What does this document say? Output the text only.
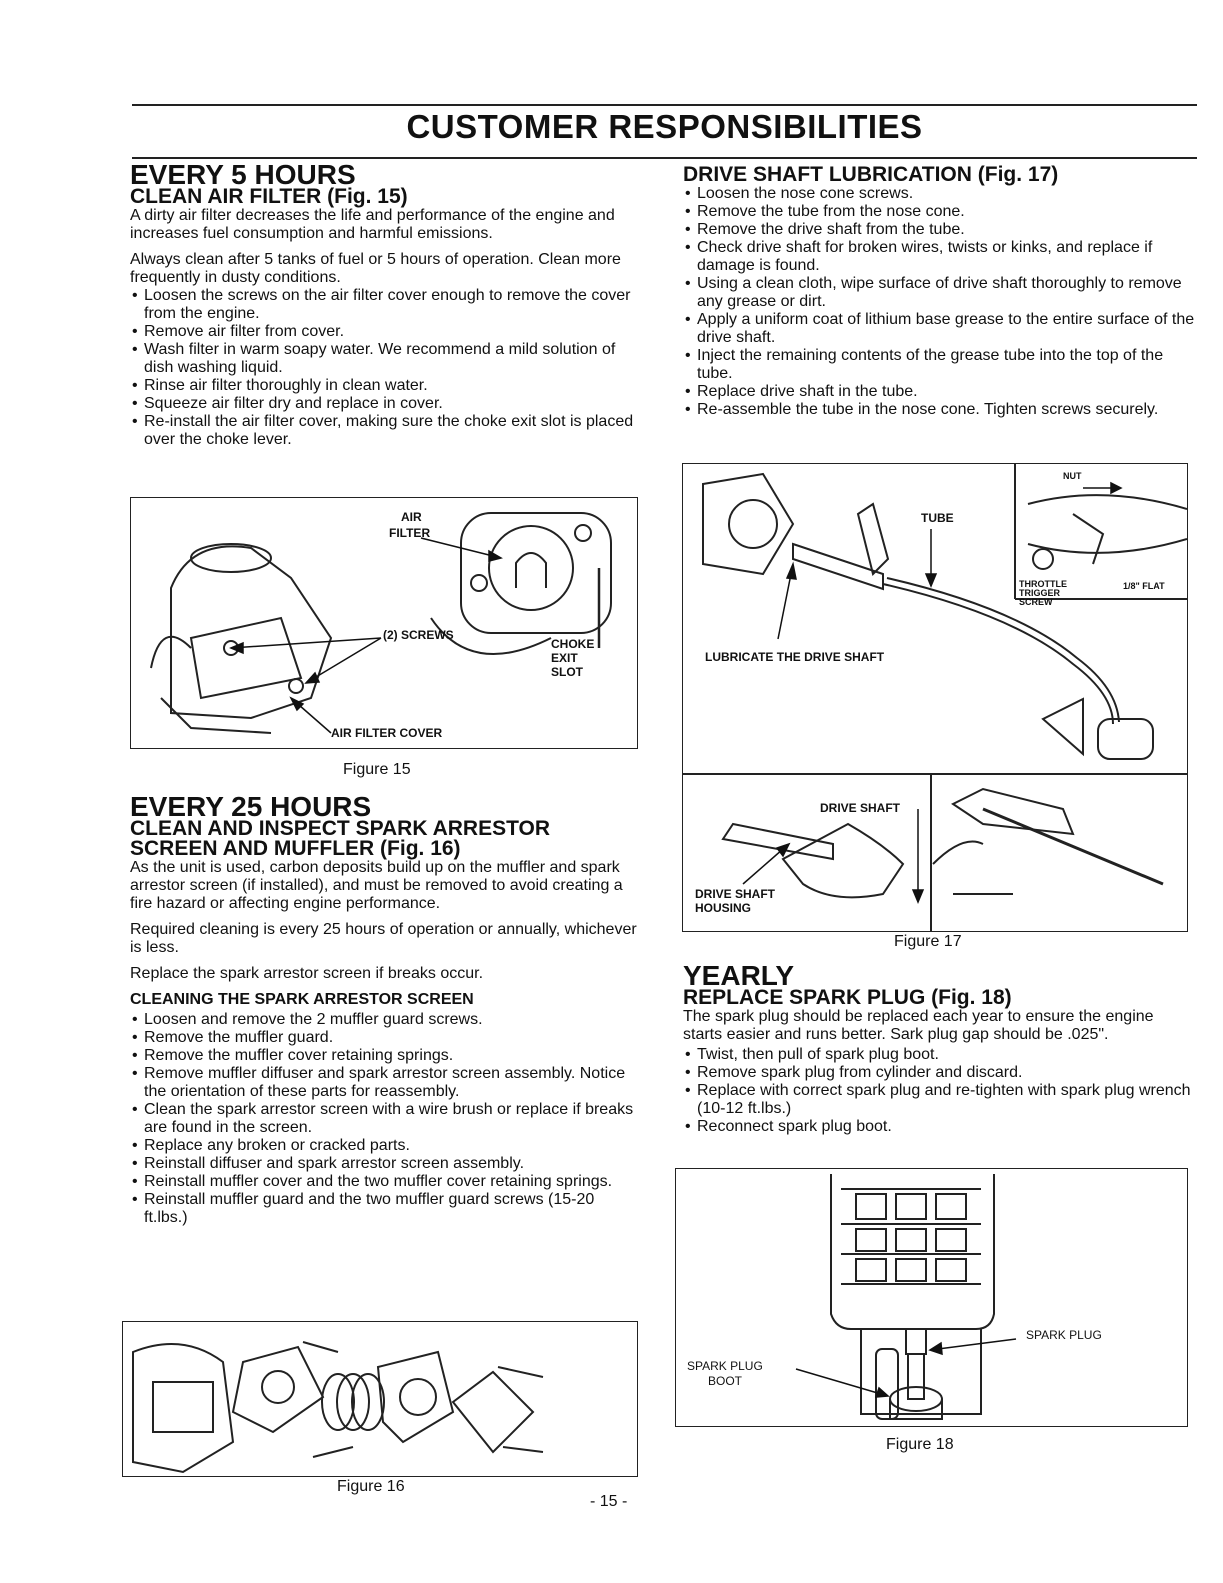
CUSTOMER RESPONSIBILITIES
EVERY 5 HOURS
CLEAN AIR FILTER (Fig. 15)

A dirty air filter decreases the life and performance of the engine and increases fuel consumption and harmful emissions.

Always clean after 5 tanks of fuel or 5 hours of operation. Clean more frequently in dusty conditions.

• Loosen the screws on the air filter cover enough to remove the cover from the engine.
• Remove air filter from cover.
• Wash filter in warm soapy water. We recommend a mild solution of dish washing liquid.
• Rinse air filter thoroughly in clean water.
• Squeeze air filter dry and replace in cover.
• Re-install the air filter cover, making sure the choke exit slot is placed over the choke lever.
AIR
FILTER
(2) SCREWS
CHOKE
EXIT
SLOT
AIR FILTER COVER
Figure 15
EVERY 25 HOURS
CLEAN AND INSPECT SPARK ARRESTOR
SCREEN AND MUFFLER (Fig. 16)

As the unit is used, carbon deposits build up on the muffler and spark arrestor screen (if installed), and must be removed to avoid creating a fire hazard or affecting engine performance.

Required cleaning is every 25 hours of operation or annually, whichever is less.

Replace the spark arrestor screen if breaks occur.

CLEANING THE SPARK ARRESTOR SCREEN
• Loosen and remove the 2 muffler guard screws.
• Remove the muffler guard.
• Remove the muffler cover retaining springs.
• Remove muffler diffuser and spark arrestor screen assembly. Notice the orientation of these parts for reassembly.
• Clean the spark arrestor screen with a wire brush or replace if breaks are found in the screen.
• Replace any broken or cracked parts.
• Reinstall diffuser and spark arrestor screen assembly.
• Reinstall muffler cover and the two muffler cover retaining springs.
• Reinstall muffler guard and the two muffler guard screws (15-20 ft.lbs.)
Figure 16
DRIVE SHAFT LUBRICATION (Fig. 17)
• Loosen the nose cone screws.
• Remove the tube from the nose cone.
• Remove the drive shaft from the tube.
• Check drive shaft for broken wires, twists or kinks, and replace if damage is found.
• Using a clean cloth, wipe surface of drive shaft thoroughly to remove any grease or dirt.
• Apply a uniform coat of lithium base grease to the entire surface of the drive shaft.
• Inject the remaining contents of the grease tube into the top of the tube.
• Replace drive shaft in the tube.
• Re-assemble the tube in the nose cone. Tighten screws securely.
TUBE
LUBRICATE THE DRIVE SHAFT
NUT
THROTTLE
TRIGGER
SCREW
1/8" FLAT
DRIVE SHAFT
DRIVE SHAFT
HOUSING
Figure 17
YEARLY
REPLACE SPARK PLUG (Fig. 18)

The spark plug should be replaced each year to ensure the engine starts easier and runs better. Sark plug gap should be .025".

• Twist, then pull of spark plug boot.
• Remove spark plug from cylinder and discard.
• Replace with correct spark plug and re-tighten with spark plug wrench (10-12 ft.lbs.)
• Reconnect spark plug boot.
SPARK PLUG
SPARK PLUG
BOOT
Figure 18
- 15 -
